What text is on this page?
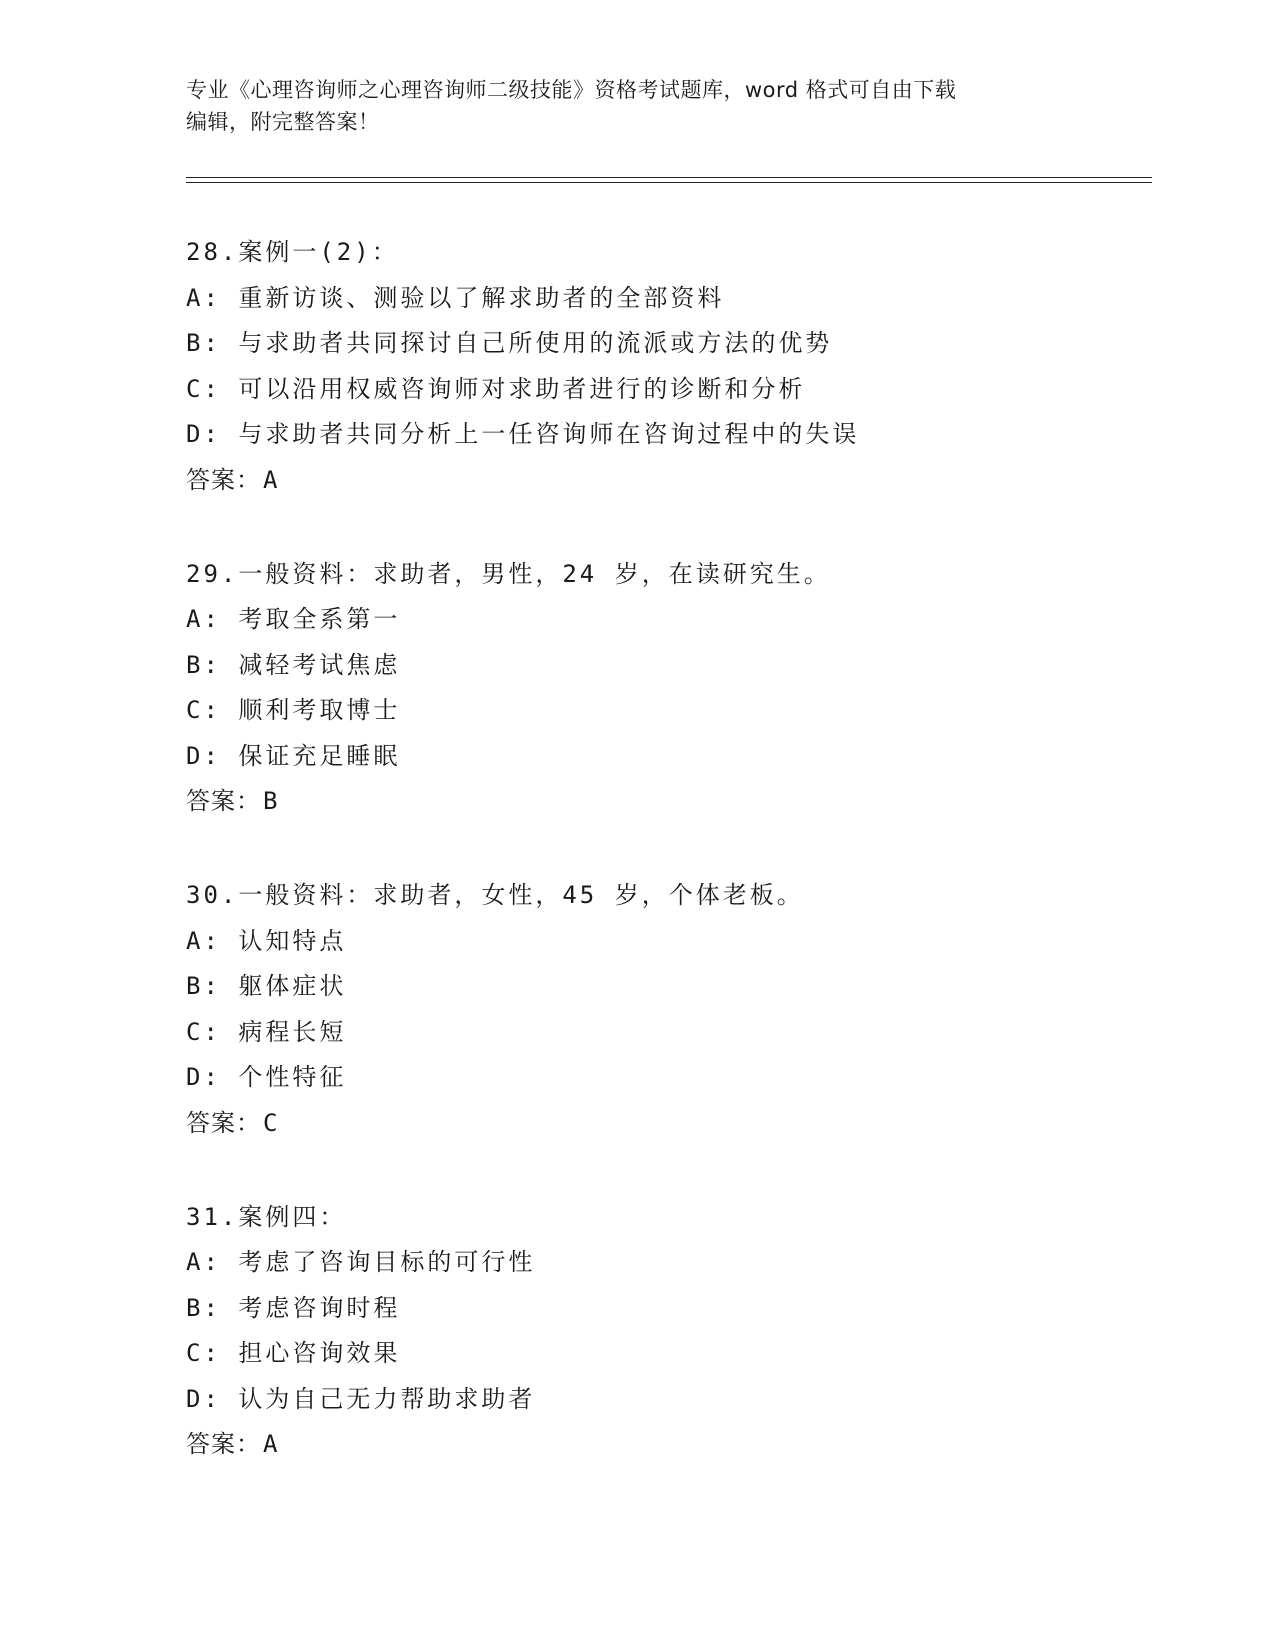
专业《心理咨询师之心理咨询师二级技能》资格考试题库，word 格式可自由下载
编辑，附完整答案！
28.案例一(2)：
A: 重新访谈、测验以了解求助者的全部资料
B: 与求助者共同探讨自己所使用的流派或方法的优势
C: 可以沿用权威咨询师对求助者进行的诊断和分析
D: 与求助者共同分析上一任咨询师在咨询过程中的失误
答案：A
29.一般资料：求助者，男性，24 岁，在读研究生。
A: 考取全系第一
B: 减轻考试焦虑
C: 顺利考取博士
D: 保证充足睡眠
答案：B
30.一般资料：求助者，女性，45 岁，个体老板。
A: 认知特点
B: 躯体症状
C: 病程长短
D: 个性特征
答案：C
31.案例四：
A: 考虑了咨询目标的可行性
B: 考虑咨询时程
C: 担心咨询效果
D: 认为自己无力帮助求助者
答案：A
